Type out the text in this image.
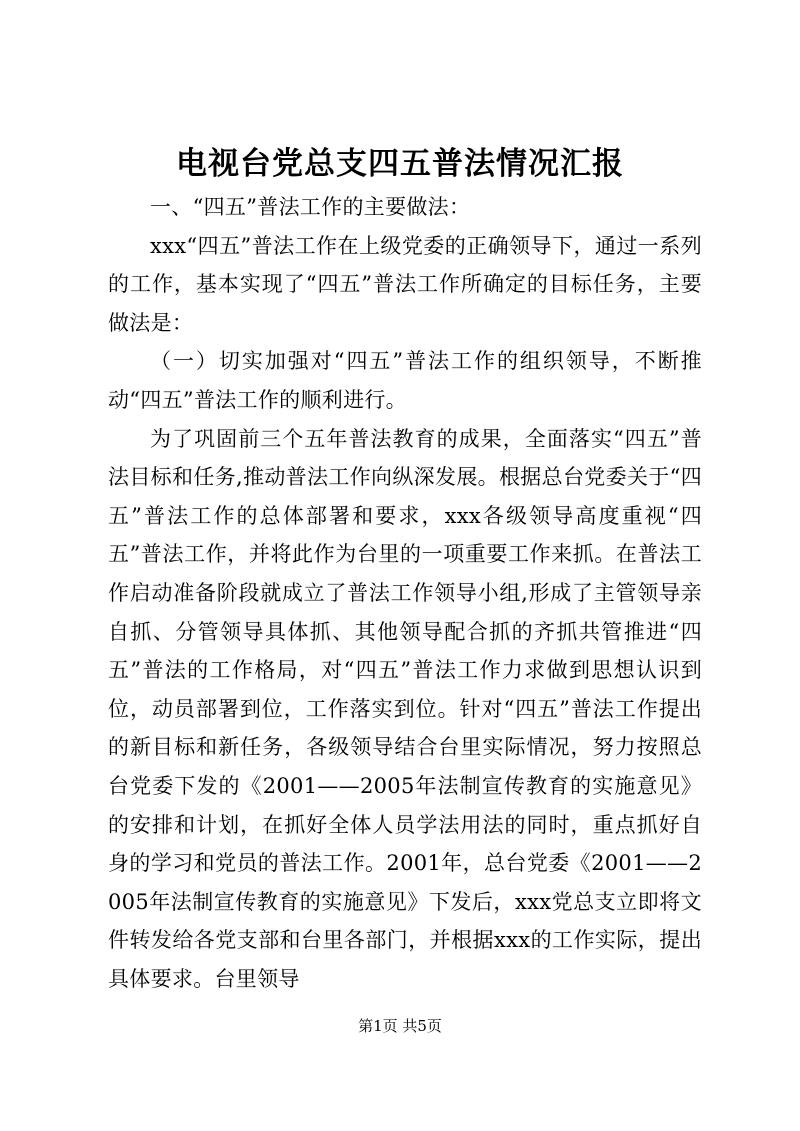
电视台党总支四五普法情况汇报

一、“四五”普法工作的主要做法：

xxx“四五”普法工作在上级党委的正确领导下，通过一系列的工作，基本实现了“四五”普法工作所确定的目标任务，主要做法是：

（一）切实加强对“四五”普法工作的组织领导，不断推动“四五”普法工作的顺利进行。

为了巩固前三个五年普法教育的成果，全面落实“四五”普法目标和任务,推动普法工作向纵深发展。根据总台党委关于“四五”普法工作的总体部署和要求，xxx各级领导高度重视“四五”普法工作，并将此作为台里的一项重要工作来抓。在普法工作启动准备阶段就成立了普法工作领导小组,形成了主管领导亲自抓、分管领导具体抓、其他领导配合抓的齐抓共管推进“四五”普法的工作格局，对“四五”普法工作力求做到思想认识到位，动员部署到位，工作落实到位。针对“四五”普法工作提出的新目标和新任务，各级领导结合台里实际情况，努力按照总台党委下发的《2001——2005年法制宣传教育的实施意见》的安排和计划，在抓好全体人员学法用法的同时，重点抓好自身的学习和党员的普法工作。2001年，总台党委《2001——2005年法制宣传教育的实施意见》下发后，xxx党总支立即将文件转发给各党支部和台里各部门，并根据xxx的工作实际，提出具体要求。台里领导

第1页 共5页
